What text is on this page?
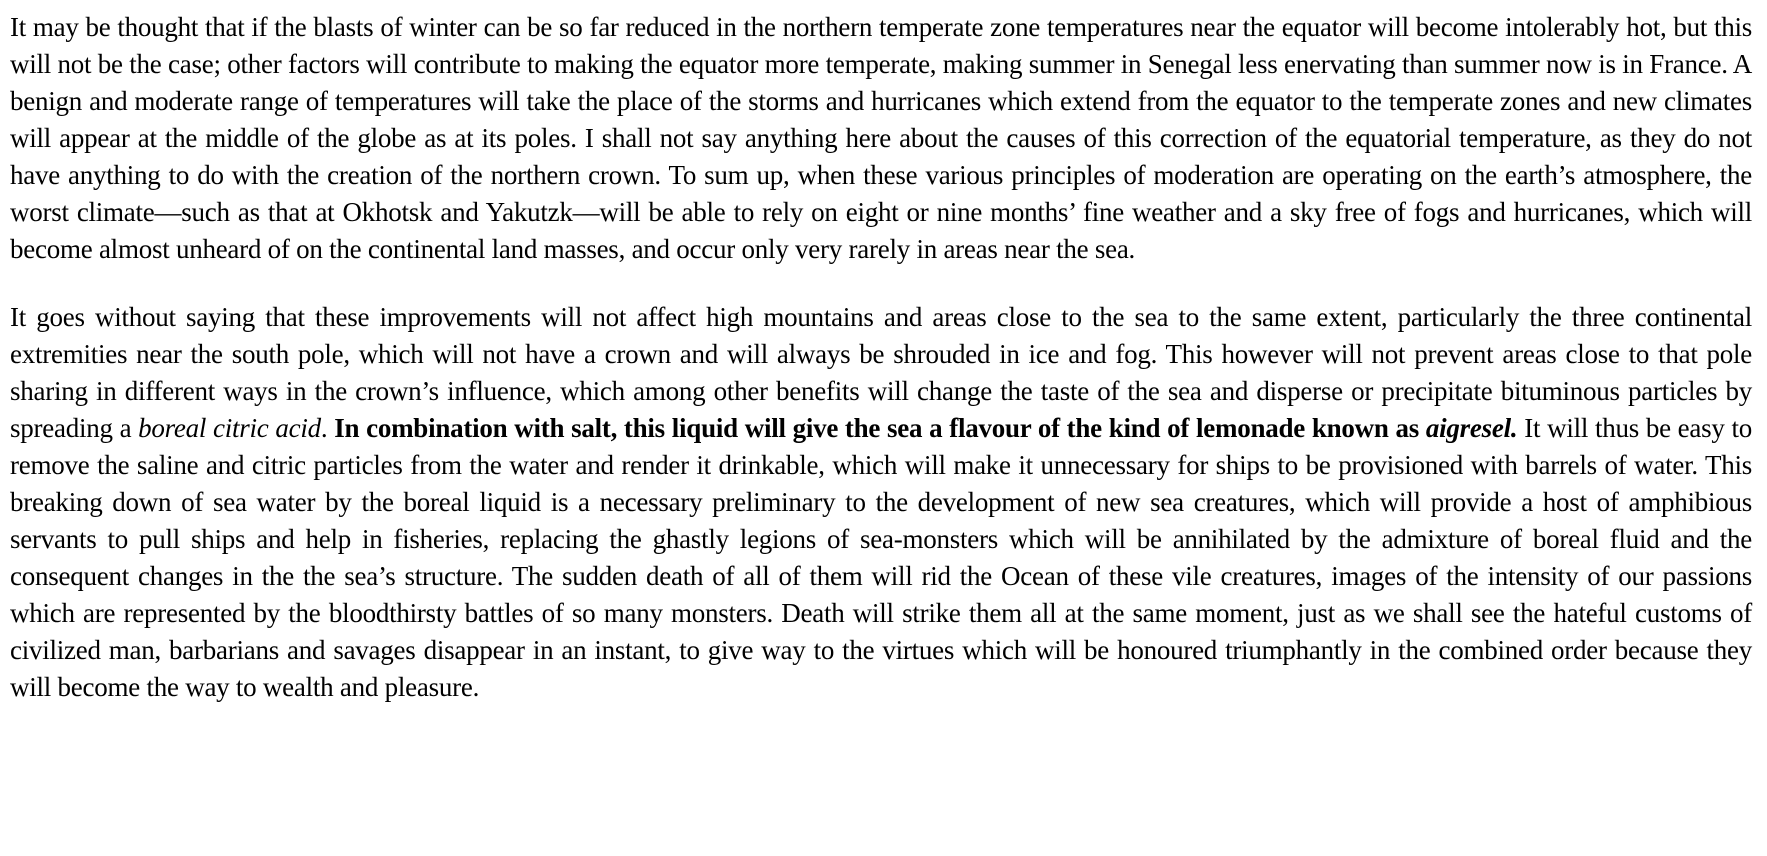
It may be thought that if the blasts of winter can be so far reduced in the northern temperate zone temperatures near the equator will become intolerably hot, but this will not be the case; other factors will contribute to making the equator more temperate, making summer in Senegal less enervating than summer now is in France. A benign and moderate range of temperatures will take the place of the storms and hurricanes which extend from the equator to the temperate zones and new climates will appear at the middle of the globe as at its poles. I shall not say anything here about the causes of this correction of the equatorial temperature, as they do not have anything to do with the creation of the northern crown. To sum up, when these various principles of moderation are operating on the earth’s atmosphere, the worst climate—such as that at Okhotsk and Yakutzk—will be able to rely on eight or nine months’ fine weather and a sky free of fogs and hurricanes, which will become almost unheard of on the continental land masses, and occur only very rarely in areas near the sea.

It goes without saying that these improvements will not affect high mountains and areas close to the sea to the same extent, particularly the three continental extremities near the south pole, which will not have a crown and will always be shrouded in ice and fog. This however will not prevent areas close to that pole sharing in different ways in the crown’s influence, which among other benefits will change the taste of the sea and disperse or precipitate bituminous particles by spreading a boreal citric acid. In combination with salt, this liquid will give the sea a flavour of the kind of lemonade known as aigresel. It will thus be easy to remove the saline and citric particles from the water and render it drinkable, which will make it unnecessary for ships to be provisioned with barrels of water. This breaking down of sea water by the boreal liquid is a necessary preliminary to the development of new sea creatures, which will provide a host of amphibious servants to pull ships and help in fisheries, replacing the ghastly legions of sea-monsters which will be annihilated by the admixture of boreal fluid and the consequent changes in the the sea’s structure. The sudden death of all of them will rid the Ocean of these vile creatures, images of the intensity of our passions which are represented by the bloodthirsty battles of so many monsters. Death will strike them all at the same moment, just as we shall see the hateful customs of civilized man, barbarians and savages disappear in an instant, to give way to the virtues which will be honoured triumphantly in the combined order because they will become the way to wealth and pleasure.
